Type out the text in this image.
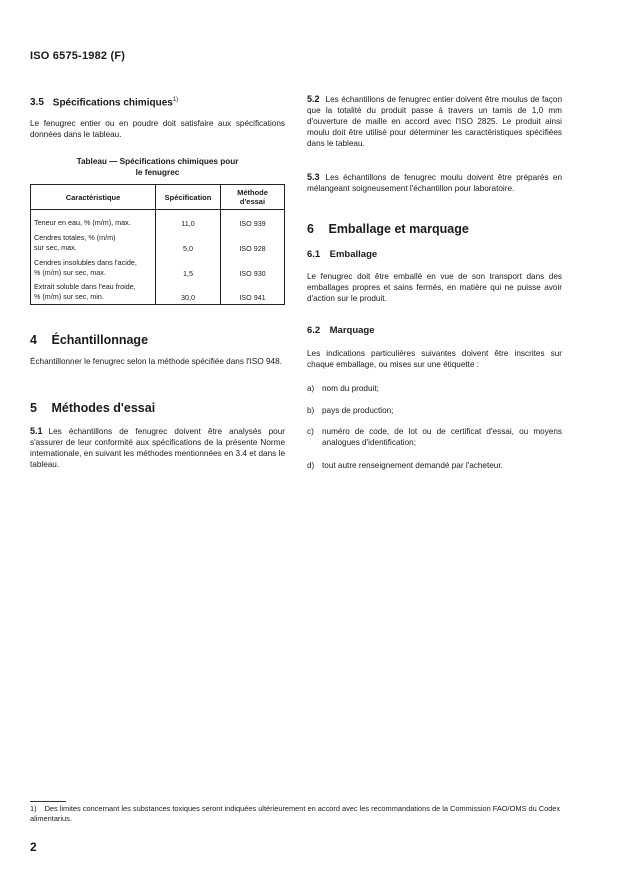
ISO 6575-1982 (F)
3.5 Spécifications chimiques$^{1)}$
Le fenugrec entier ou en poudre doit satisfaire aux spécifications données dans le tableau.
Tableau — Spécifications chimiques pour
le fenugrec
Caractéristique	Spécification	Méthode d'essai

Teneur en eau, % (m/m), max.	11,0	ISO 939

Cendres totales, % (m/m)
sur sec, max.	5,0	ISO 928

Cendres insolubles dans l'acide,
% (m/m) sur sec, max.	1,5	ISO 930

Extrait soluble dans l'eau froide,
% (m/m) sur sec, min.	30,0	ISO 941
4 Échantillonnage
Échantillonner le fenugrec selon la méthode spécifiée dans l'ISO 948.
5 Méthodes d'essai
5.1 Les échantillons de fenugrec doivent être analysés pour s'assurer de leur conformité aux spécifications de la présente Norme internationale, en suivant les méthodes mentionnées en 3.4 et dans le tableau.
5.2 Les échantillons de fenugrec entier doivent être moulus de façon que la totalité du produit passe à travers un tamis de 1,0 mm d'ouverture de maille en accord avec l'ISO 2825. Le produit ainsi moulu doit être utilisé pour déterminer les caractéristiques spécifiées dans le tableau.
5.3 Les échantillons de fenugrec moulu doivent être préparés en mélangeant soigneusement l'échantillon pour laboratoire.
6 Emballage et marquage
6.1 Emballage
Le fenugrec doit être emballé en vue de son transport dans des emballages propres et sains fermés, en matière qui ne puisse avoir d'action sur le produit.
6.2 Marquage
Les indications particulières suivantes doivent être inscrites sur chaque emballage, ou mises sur une étiquette :
a) nom du produit;
b) pays de production;
c) numéro de code, de lot ou de certificat d'essai, ou moyens analogues d'identification;
d) tout autre renseignement demandé par l'acheteur.
1) Des limites concernant les substances toxiques seront indiquées ultérieurement en accord avec les recommandations de la Commission FAO/OMS du Codex alimentarius.
2
